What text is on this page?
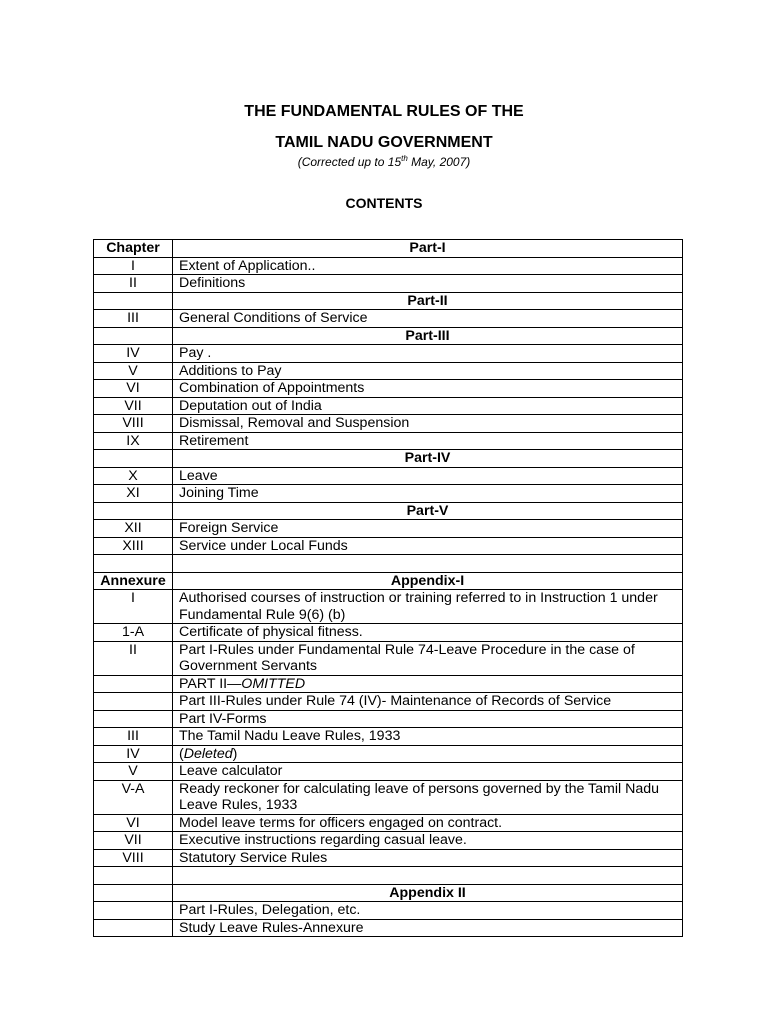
THE FUNDAMENTAL RULES OF THE
TAMIL NADU GOVERNMENT
(Corrected up to 15th May, 2007)
CONTENTS
Chapter	Part-I
I	Extent of Application..
II	Definitions
	Part-II
III	General Conditions of Service
	Part-III
IV	Pay .
V	Additions to Pay
VI	Combination of Appointments
VII	Deputation out of India
VIII	Dismissal, Removal and Suspension
IX	Retirement
	Part-IV
X	Leave
XI	Joining Time
	Part-V
XII	Foreign Service
XIII	Service under Local Funds

Annexure	Appendix-I
I	Authorised courses of instruction or training referred to in Instruction 1 under Fundamental Rule 9(6) (b)
1-A	Certificate of physical fitness.
II	Part I-Rules under Fundamental Rule 74-Leave Procedure in the case of Government Servants
	PART II—OMITTED
	Part III-Rules under Rule 74 (IV)- Maintenance of Records of Service
	Part IV-Forms
III	The Tamil Nadu Leave Rules, 1933
IV	(Deleted)
V	Leave calculator
V-A	Ready reckoner for calculating leave of persons governed by the Tamil Nadu Leave Rules, 1933
VI	Model leave terms for officers engaged on contract.
VII	Executive instructions regarding casual leave.
VIII	Statutory Service Rules

	Appendix II
	Part I-Rules, Delegation, etc.
	Study Leave Rules-Annexure
